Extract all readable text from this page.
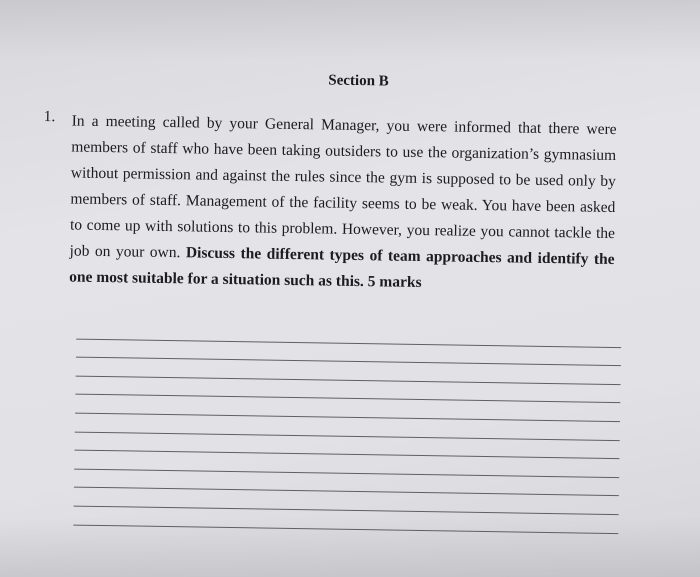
Section B
1. In a meeting called by your General Manager, you were informed that there were members of staff who have been taking outsiders to use the organization’s gymnasium without permission and against the rules since the gym is supposed to be used only by members of staff. Management of the facility seems to be weak. You have been asked to come up with solutions to this problem. However, you realize you cannot tackle the job on your own. Discuss the different types of team approaches and identify the one most suitable for a situation such as this. 5 marks
